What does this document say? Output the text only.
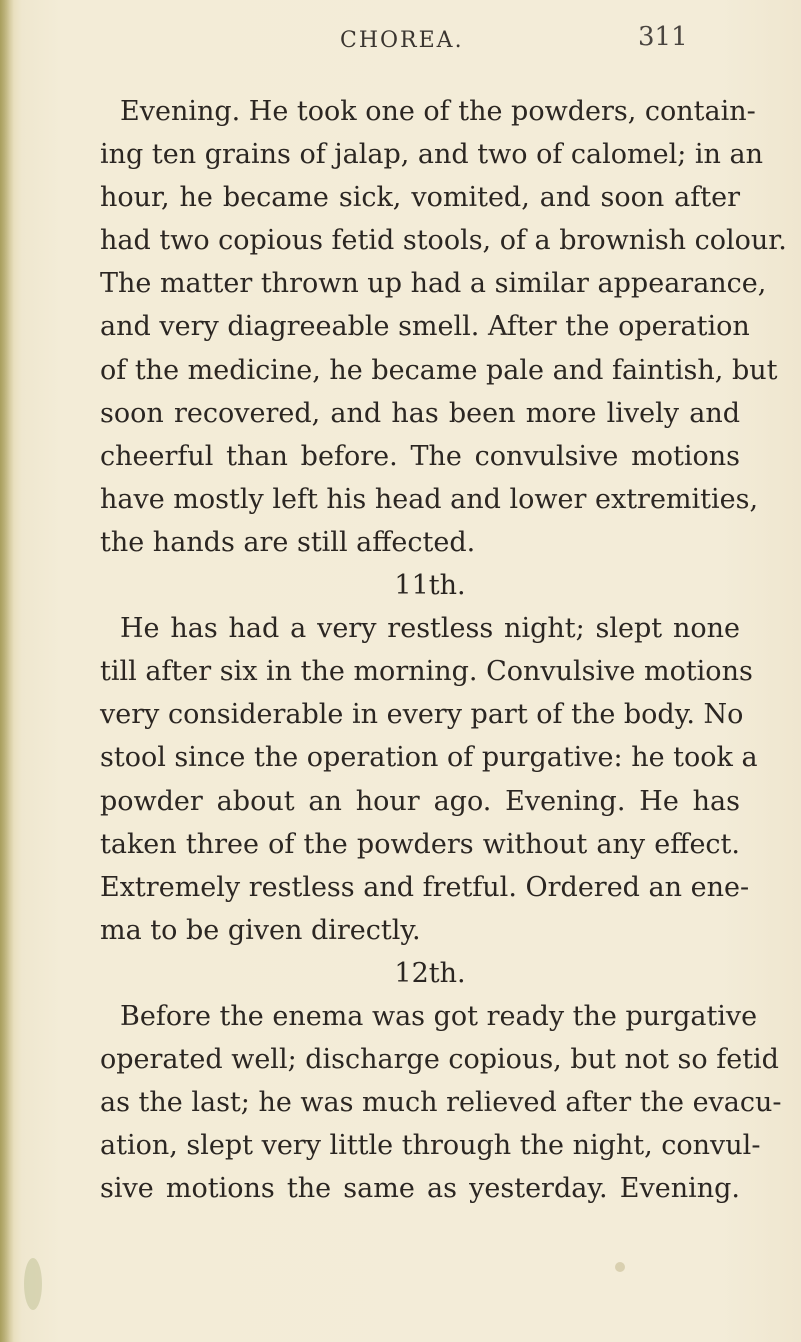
CHOREA.	311
Evening. He took one of the powders, contain-
ing ten grains of jalap, and two of calomel; in an
hour, he became sick, vomited, and soon after
had two copious fetid stools, of a brownish colour.
The matter thrown up had a similar appearance,
and very diagreeable smell. After the operation
of the medicine, he became pale and faintish, but
soon recovered, and has been more lively and
cheerful than before. The convulsive motions
have mostly left his head and lower extremities,
the hands are still affected.
11th.
He has had a very restless night; slept none
till after six in the morning. Convulsive motions
very considerable in every part of the body. No
stool since the operation of purgative: he took a
powder about an hour ago. Evening. He has
taken three of the powders without any effect.
Extremely restless and fretful. Ordered an ene-
ma to be given directly.
12th.
Before the enema was got ready the purgative
operated well; discharge copious, but not so fetid
as the last; he was much relieved after the evacu-
ation, slept very little through the night, convul-
sive motions the same as yesterday. Evening.
